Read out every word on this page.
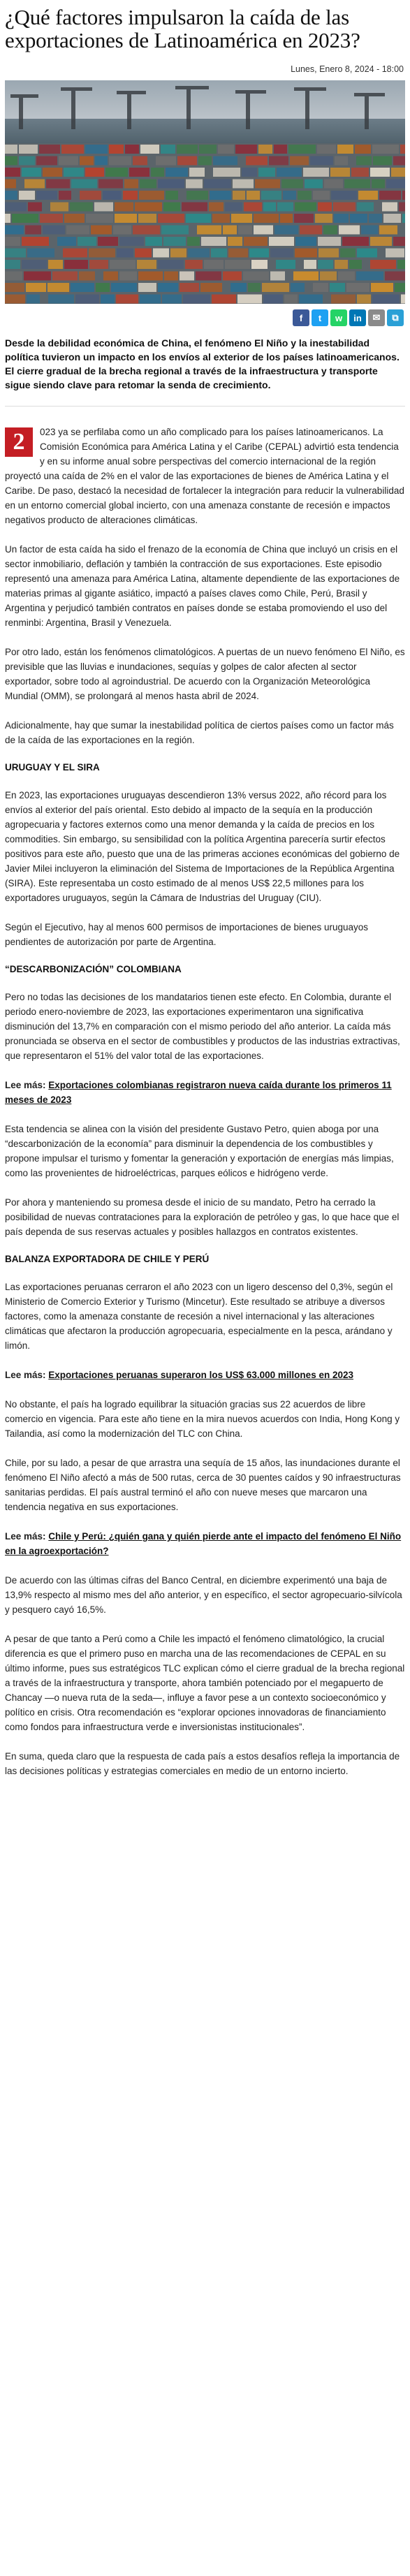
¿Qué factores impulsaron la caída de las exportaciones de Latinoamérica en 2023?
Lunes, Enero 8, 2024 - 18:00
f	t	w	in	✉	⧉
Desde la debilidad económica de China, el fenómeno El Niño y la inestabilidad política tuvieron un impacto en los envíos al exterior de los países latinoamericanos. El cierre gradual de la brecha regional a través de la infraestructura y transporte sigue siendo clave para retomar la senda de crecimiento.

2	023 ya se perfilaba como un año complicado para los países latinoamericanos. La Comisión Económica para América Latina y el Caribe (CEPAL) advirtió esta tendencia y en su informe anual sobre perspectivas del comercio internacional de la región proyectó una caída de 2% en el valor de las exportaciones de bienes de América Latina y el Caribe. De paso, destacó la necesidad de fortalecer la integración para reducir la vulnerabilidad en un entorno comercial global incierto, con una amenaza constante de recesión e impactos negativos producto de alteraciones climáticas.

Un factor de esta caída ha sido el frenazo de la economía de China que incluyó un crisis en el sector inmobiliario, deflación y también la contracción de sus exportaciones. Este episodio representó una amenaza para América Latina, altamente dependiente de las exportaciones de materias primas al gigante asiático, impactó a países claves como Chile, Perú, Brasil y Argentina y perjudicó también contratos en países donde se estaba promoviendo el uso del renminbi: Argentina, Brasil y Venezuela.

Por otro lado, están los fenómenos climatológicos. A puertas de un nuevo fenómeno El Niño, es previsible que las lluvias e inundaciones, sequías y golpes de calor afecten al sector exportador, sobre todo al agroindustrial. De acuerdo con la Organización Meteorológica Mundial (OMM), se prolongará al menos hasta abril de 2024.

Adicionalmente, hay que sumar la inestabilidad política de ciertos países como un factor más de la caída de las exportaciones en la región.

URUGUAY Y EL SIRA

En 2023, las exportaciones uruguayas descendieron 13% versus 2022, año récord para los envíos al exterior del país oriental. Esto debido al impacto de la sequía en la producción agropecuaria y factores externos como una menor demanda y la caída de precios en los commodities. Sin embargo, su sensibilidad con la política Argentina parecería surtir efectos positivos para este año, puesto que una de las primeras acciones económicas del gobierno de Javier Milei incluyeron la eliminación del Sistema de Importaciones de la República Argentina (SIRA). Este representaba un costo estimado de al menos US$ 22,5 millones para los exportadores uruguayos, según la Cámara de Industrias del Uruguay (CIU).

Según el Ejecutivo, hay al menos 600 permisos de importaciones de bienes uruguayos pendientes de autorización por parte de Argentina.

“DESCARBONIZACIÓN” COLOMBIANA

Pero no todas las decisiones de los mandatarios tienen este efecto. En Colombia, durante el periodo enero-noviembre de 2023, las exportaciones experimentaron una significativa disminución del 13,7% en comparación con el mismo periodo del año anterior. La caída más pronunciada se observa en el sector de combustibles y productos de las industrias extractivas, que representaron el 51% del valor total de las exportaciones.

Lee más: Exportaciones colombianas registraron nueva caída durante los primeros 11 meses de 2023

Esta tendencia se alinea con la visión del presidente Gustavo Petro, quien aboga por una “descarbonización de la economía” para disminuir la dependencia de los combustibles y propone impulsar el turismo y fomentar la generación y exportación de energías más limpias, como las provenientes de hidroeléctricas, parques eólicos e hidrógeno verde.

Por ahora y manteniendo su promesa desde el inicio de su mandato, Petro ha cerrado la posibilidad de nuevas contrataciones para la exploración de petróleo y gas, lo que hace que el país dependa de sus reservas actuales y posibles hallazgos en contratos existentes.

BALANZA EXPORTADORA DE CHILE Y PERÚ

Las exportaciones peruanas cerraron el año 2023 con un ligero descenso del 0,3%, según el Ministerio de Comercio Exterior y Turismo (Mincetur). Este resultado se atribuye a diversos factores, como la amenaza constante de recesión a nivel internacional y las alteraciones climáticas que afectaron la producción agropecuaria, especialmente en la pesca, arándano y limón.

Lee más: Exportaciones peruanas superaron los US$ 63.000 millones en 2023

No obstante, el país ha logrado equilibrar la situación gracias sus 22 acuerdos de libre comercio en vigencia. Para este año tiene en la mira nuevos acuerdos con India, Hong Kong y Tailandia, así como la modernización del TLC con China.

Chile, por su lado, a pesar de que arrastra una sequía de 15 años, las inundaciones durante el fenómeno El Niño afectó a más de 500 rutas, cerca de 30 puentes caídos y 90 infraestructuras sanitarias perdidas. El país austral terminó el año con nueve meses que marcaron una tendencia negativa en sus exportaciones.

Lee más: Chile y Perú: ¿quién gana y quién pierde ante el impacto del fenómeno El Niño en la agroexportación?

De acuerdo con las últimas cifras del Banco Central, en diciembre experimentó una baja de 13,9% respecto al mismo mes del año anterior, y en específico, el sector agropecuario-silvícola y pesquero cayó 16,5%.

A pesar de que tanto a Perú como a Chile les impactó el fenómeno climatológico, la crucial diferencia es que el primero puso en marcha una de las recomendaciones de CEPAL en su último informe, pues sus estratégicos TLC explican cómo el cierre gradual de la brecha regional a través de la infraestructura y transporte, ahora también potenciado por el megapuerto de Chancay —o nueva ruta de la seda—, influye a favor pese a un contexto socioeconómico y político en crisis. Otra recomendación es “explorar opciones innovadoras de financiamiento como fondos para infraestructura verde e inversionistas institucionales”.

En suma, queda claro que la respuesta de cada país a estos desafíos refleja la importancia de las decisiones políticas y estrategias comerciales en medio de un entorno incierto.
